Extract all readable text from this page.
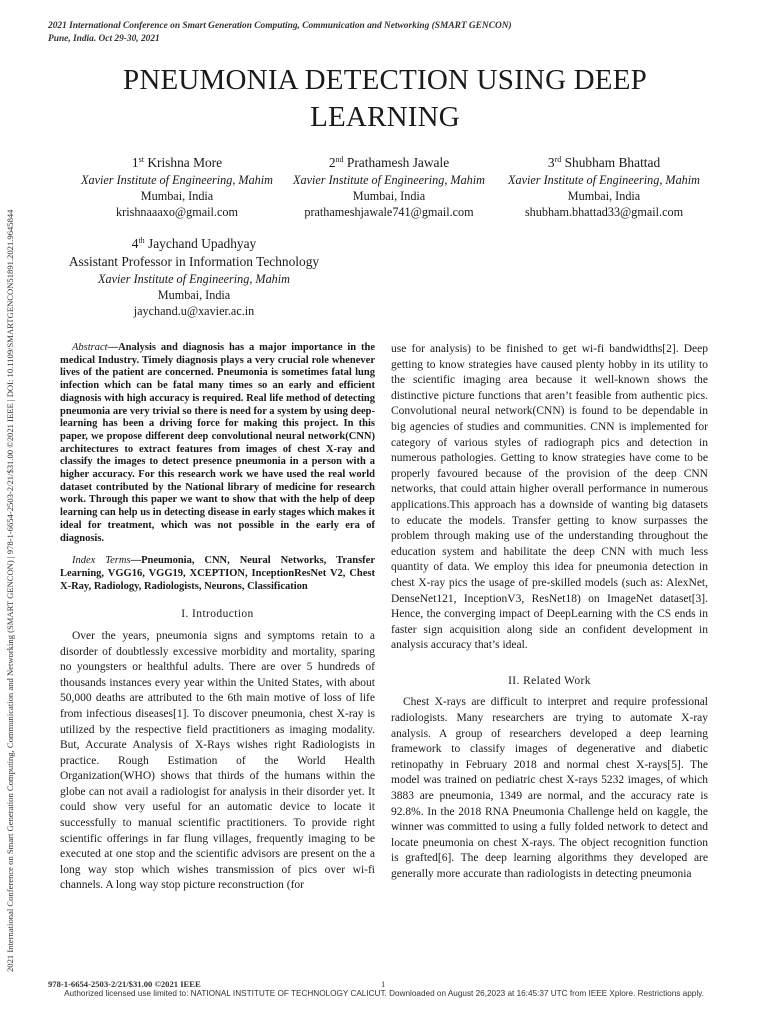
2021 International Conference on Smart Generation Computing, Communication and Networking (SMART GENCON)
Pune, India. Oct 29-30, 2021
2021 International Conference on Smart Generation Computing, Communication and Networking (SMART GENCON) | 978-1-6654-2503-2/21/$31.00 ©2021 IEEE | DOI: 10.1109/SMARTGENCON51891.2021.9645844
PNEUMONIA DETECTION USING DEEP LEARNING
1st Krishna More
Xavier Institute of Engineering, Mahim
Mumbai, India
krishnaaaxo@gmail.com
2nd Prathamesh Jawale
Xavier Institute of Engineering, Mahim
Mumbai, India
prathameshjawale741@gmail.com
3rd Shubham Bhattad
Xavier Institute of Engineering, Mahim
Mumbai, India
shubham.bhattad33@gmail.com
4th Jaychand Upadhyay
Assistant Professor in Information Technology
Xavier Institute of Engineering, Mahim
Mumbai, India
jaychand.u@xavier.ac.in

Abstract—Analysis and diagnosis has a major importance in the medical Industry. Timely diagnosis plays a very crucial role whenever lives of the patient are concerned. Pneumonia is sometimes fatal lung infection which can be fatal many times so an early and efficient diagnosis with high accuracy is required. Real life method of detecting pneumonia are very trivial so there is need for a system by using deep-learning has been a driving force for making this project. In this paper, we propose different deep convolutional neural network(CNN) architectures to extract features from images of chest X-ray and classify the images to detect presence pneumonia in a person with a higher accuracy. For this research work we have used the real world dataset contributed by the National library of medicine for research work. Through this paper we want to show that with the help of deep learning can help us in detecting disease in early stages which makes it ideal for treatment, which was not possible in the early era of diagnosis.

Index Terms—Pneumonia, CNN, Neural Networks, Transfer Learning, VGG16, VGG19, XCEPTION, InceptionResNet V2, Chest X-Ray, Radiology, Radiologists, Neurons, Classification

I. Introduction

Over the years, pneumonia signs and symptoms retain to a disorder of doubtlessly excessive morbidity and mortality, sparing no youngsters or healthful adults. There are over 5 hundreds of thousands instances every year within the United States, with about 50,000 deaths are attributed to the 6th main motive of loss of life from infectious diseases[1]. To discover pneumonia, chest X-ray is utilized by the respective field practitioners as imaging modality. But, Accurate Analysis of X-Rays wishes right Radiologists in practice. Rough Estimation of the World Health Organization(WHO) shows that thirds of the humans within the globe can not avail a radiologist for analysis in their disorder yet. It could show very useful for an automatic device to locate it successfully to manual scientific practitioners. To provide right scientific offerings in far flung villages, frequently imaging to be executed at one stop and the scientific advisors are present on the a long way stop which wishes transmission of pics over wi-fi channels. A long way stop picture reconstruction (for

use for analysis) to be finished to get wi-fi bandwidths[2]. Deep getting to know strategies have caused plenty hobby in its utility to the scientific imaging area because it well-known shows the distinctive picture functions that aren’t feasible from authentic pics. Convolutional neural network(CNN) is found to be dependable in big agencies of studies and communities. CNN is implemented for category of various styles of radiograph pics and detection in numerous pathologies. Getting to know strategies have come to be properly favoured because of the provision of the deep CNN networks, that could attain higher overall performance in numerous applications.This approach has a downside of wanting big datasets to educate the models. Transfer getting to know surpasses the problem through making use of the understanding throughout the education system and habilitate the deep CNN with much less quantity of data. We employ this idea for pneumonia detection in chest X-ray pics the usage of pre-skilled models (such as: AlexNet, DenseNet121, InceptionV3, ResNet18) on ImageNet dataset[3]. Hence, the converging impact of DeepLearning with the CS ends in faster sign acquisition along side an confident development in analysis accuracy that’s ideal.

II. Related Work

Chest X-rays are difficult to interpret and require professional radiologists. Many researchers are trying to automate X-ray analysis. A group of researchers developed a deep learning framework to classify images of degenerative and diabetic retinopathy in February 2018 and normal chest X-rays[5]. The model was trained on pediatric chest X-rays 5232 images, of which 3883 are pneumonia, 1349 are normal, and the accuracy rate is 92.8%. In the 2018 RNA Pneumonia Challenge held on kaggle, the winner was committed to using a fully folded network to detect and locate pneumonia on chest X-rays. The object recognition function is grafted[6]. The deep learning algorithms they developed are generally more accurate than radiologists in detecting pneumonia

978-1-6654-2503-2/21/$31.00 ©2021 IEEE	1
Authorized licensed use limited to: NATIONAL INSTITUTE OF TECHNOLOGY CALICUT. Downloaded on August 26,2023 at 16:45:37 UTC from IEEE Xplore. Restrictions apply.
